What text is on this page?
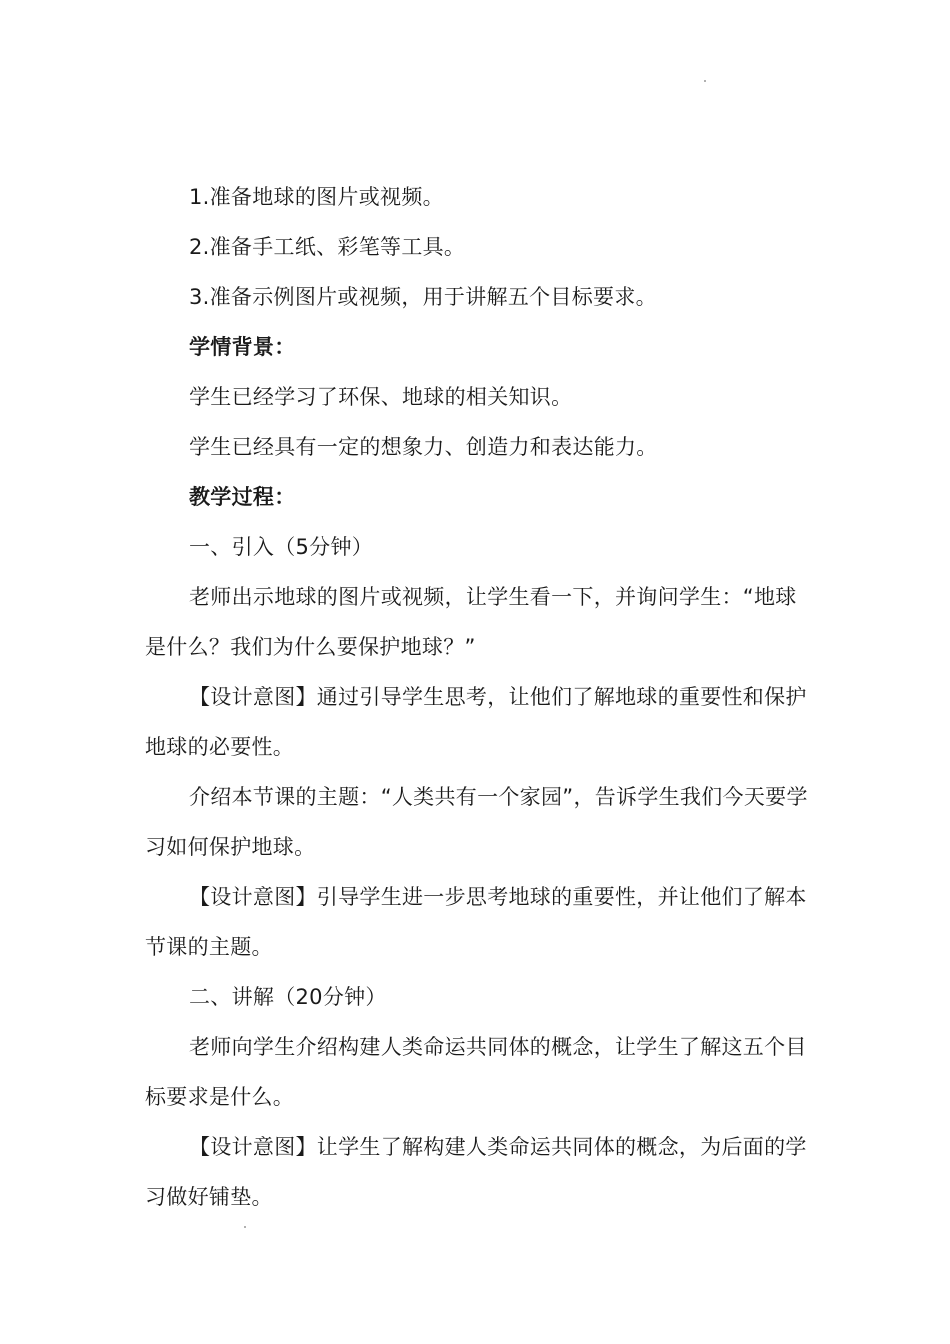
1.准备地球的图片或视频。

2.准备手工纸、彩笔等工具。

3.准备示例图片或视频，用于讲解五个目标要求。

学情背景：

学生已经学习了环保、地球的相关知识。

学生已经具有一定的想象力、创造力和表达能力。

教学过程：

一、引入（5分钟）

老师出示地球的图片或视频，让学生看一下，并询问学生：“地球是什么？我们为什么要保护地球？”

【设计意图】通过引导学生思考，让他们了解地球的重要性和保护地球的必要性。

介绍本节课的主题：“人类共有一个家园”，告诉学生我们今天要学习如何保护地球。

【设计意图】引导学生进一步思考地球的重要性，并让他们了解本节课的主题。

二、讲解（20分钟）

老师向学生介绍构建人类命运共同体的概念，让学生了解这五个目标要求是什么。

【设计意图】让学生了解构建人类命运共同体的概念，为后面的学习做好铺垫。
